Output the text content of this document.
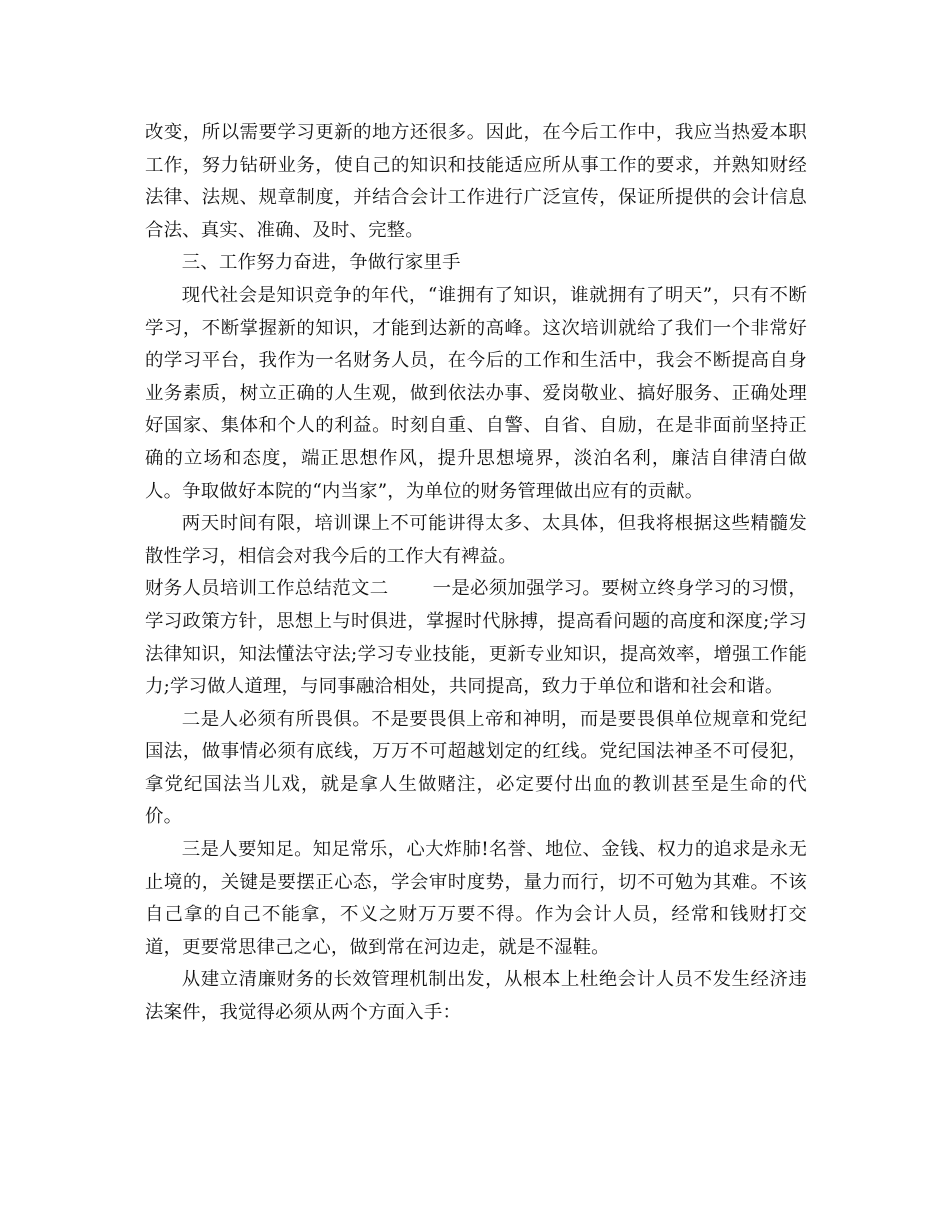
改变，所以需要学习更新的地方还很多。因此，在今后工作中，我应当热爱本职工作，努力钻研业务，使自己的知识和技能适应所从事工作的要求，并熟知财经法律、法规、规章制度，并结合会计工作进行广泛宣传，保证所提供的会计信息合法、真实、准确、及时、完整。

三、工作努力奋进，争做行家里手

现代社会是知识竞争的年代，“谁拥有了知识，谁就拥有了明天”，只有不断学习，不断掌握新的知识，才能到达新的高峰。这次培训就给了我们一个非常好的学习平台，我作为一名财务人员，在今后的工作和生活中，我会不断提高自身业务素质，树立正确的人生观，做到依法办事、爱岗敬业、搞好服务、正确处理好国家、集体和个人的利益。时刻自重、自警、自省、自励，在是非面前坚持正确的立场和态度，端正思想作风，提升思想境界，淡泊名利，廉洁自律清白做人。争取做好本院的“内当家”，为单位的财务管理做出应有的贡献。

两天时间有限，培训课上不可能讲得太多、太具体，但我将根据这些精髓发散性学习，相信会对我今后的工作大有裨益。

财务人员培训工作总结范文二 一是必须加强学习。要树立终身学习的习惯，学习政策方针，思想上与时俱进，掌握时代脉搏，提高看问题的高度和深度;学习法律知识，知法懂法守法;学习专业技能，更新专业知识，提高效率，增强工作能力;学习做人道理，与同事融洽相处，共同提高，致力于单位和谐和社会和谐。

二是人必须有所畏俱。不是要畏俱上帝和神明，而是要畏俱单位规章和党纪国法，做事情必须有底线，万万不可超越划定的红线。党纪国法神圣不可侵犯，拿党纪国法当儿戏，就是拿人生做赌注，必定要付出血的教训甚至是生命的代价。

三是人要知足。知足常乐，心大炸肺!名誉、地位、金钱、权力的追求是永无止境的，关键是要摆正心态，学会审时度势，量力而行，切不可勉为其难。不该自己拿的自己不能拿，不义之财万万要不得。作为会计人员，经常和钱财打交道，更要常思律己之心，做到常在河边走，就是不湿鞋。

从建立清廉财务的长效管理机制出发，从根本上杜绝会计人员不发生经济违法案件，我觉得必须从两个方面入手：
